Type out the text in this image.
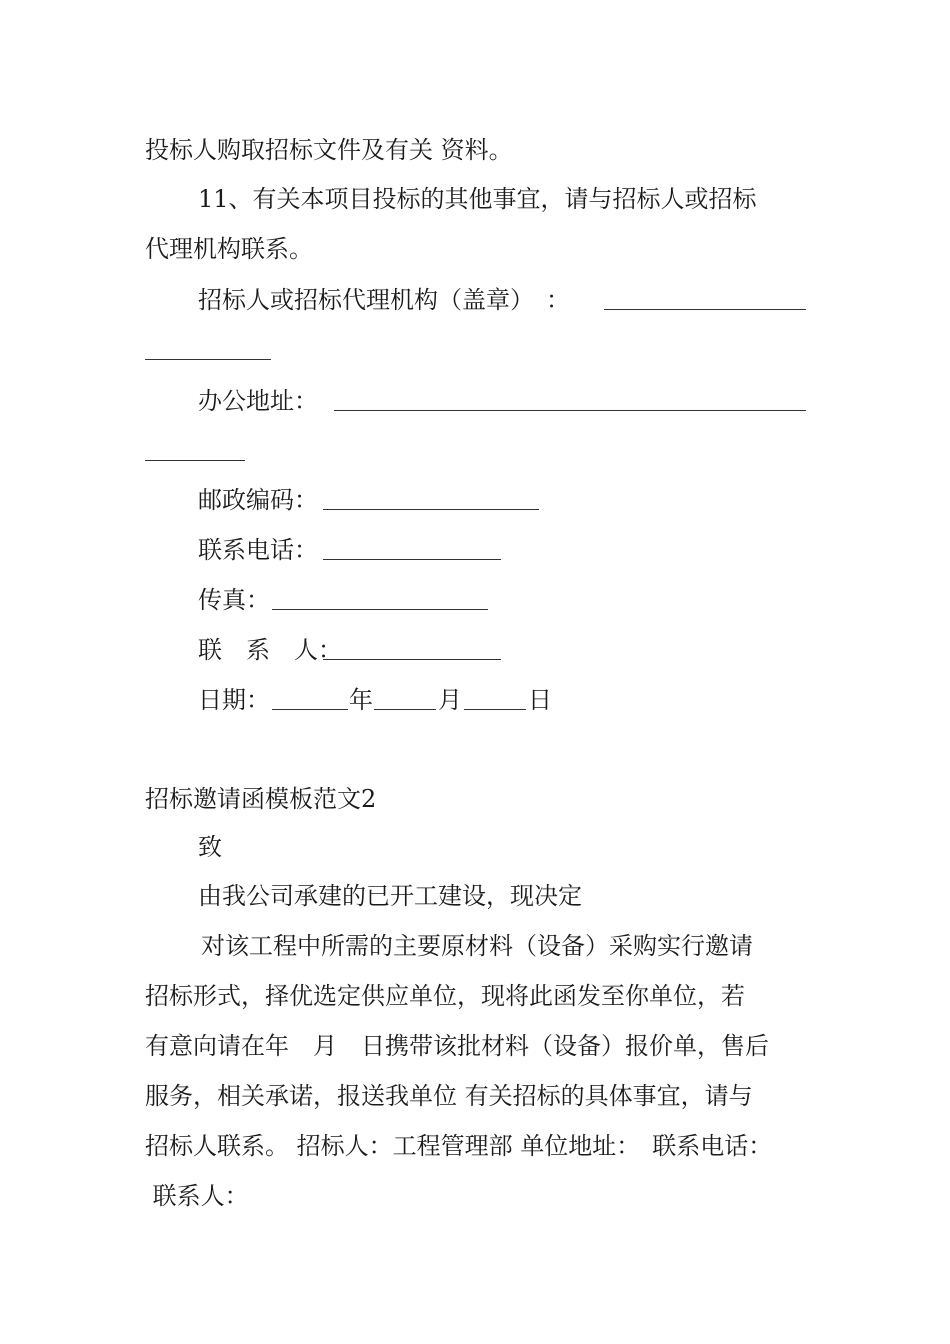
投标人购取招标文件及有关 资料。
11、有关本项目投标的其他事宜，请与招标人或招标
代理机构联系。
招标人或招标代理机构（盖章）　：
办公地址：
邮政编码：
联系电话：
传真：
联　系　人：
日期：	年	月	日
招标邀请函模板范文2
致
由我公司承建的已开工建设，现决定
对该工程中所需的主要原材料（设备）采购实行邀请
招标形式，择优选定供应单位，现将此函发至你单位，若
有意向请在年　月　日携带该批材料（设备）报价单，售后
服务，相关承诺，报送我单位 有关招标的具体事宜，请与
招标人联系。 招标人：工程管理部 单位地址：　联系电话：
联系人：
